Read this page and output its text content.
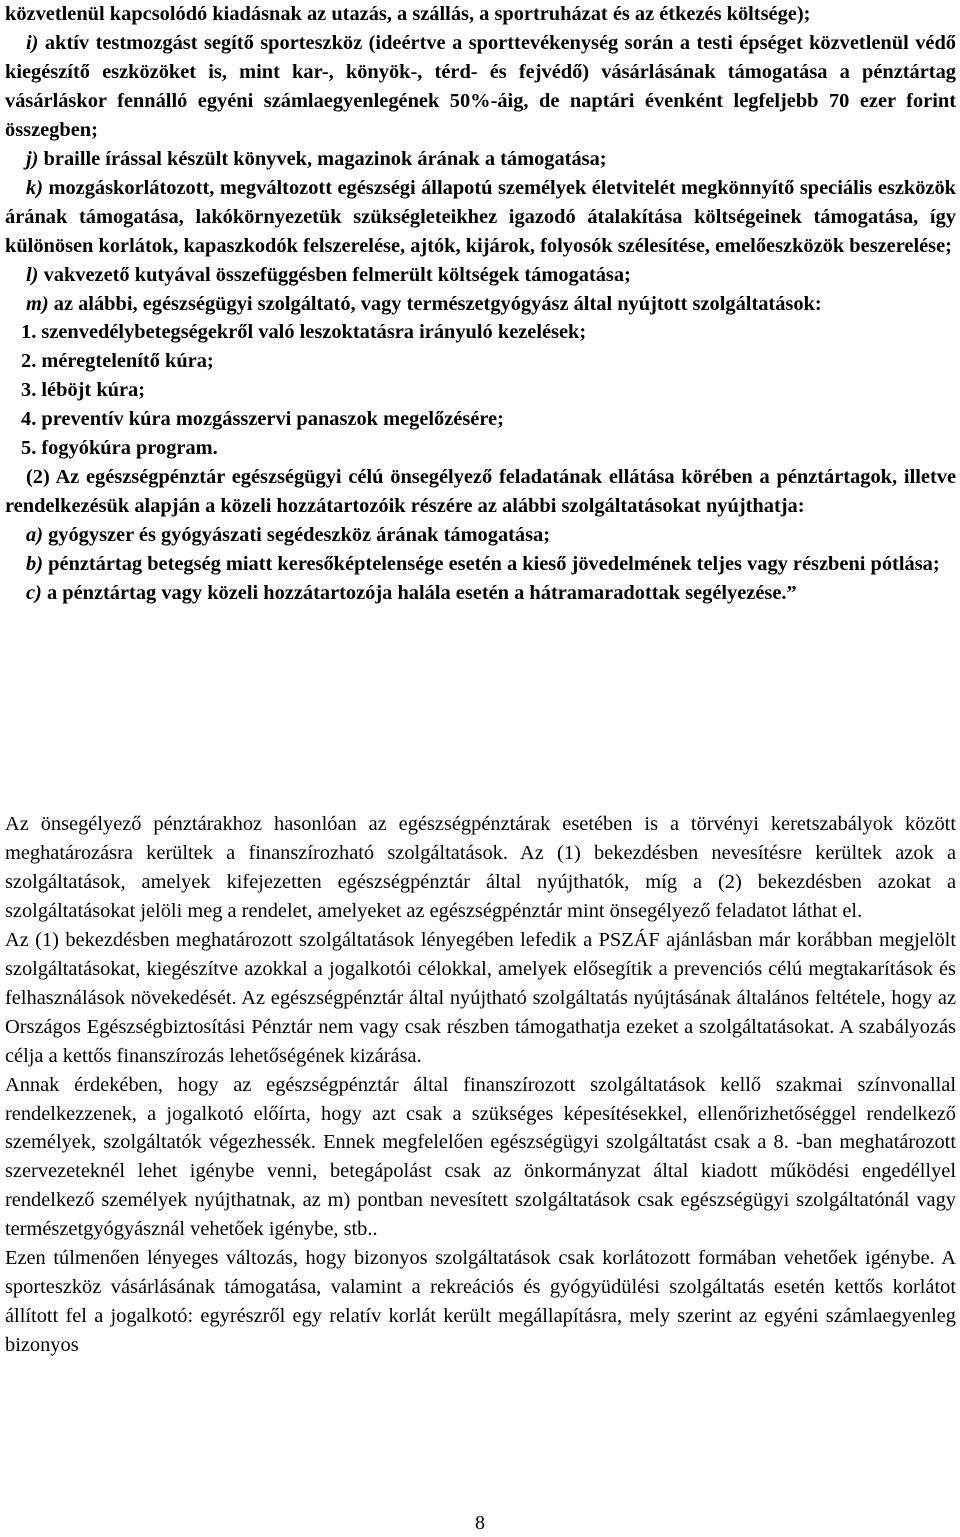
közvetlenül kapcsolódó kiadásnak az utazás, a szállás, a sportruházat és az étkezés költsége);

i) aktív testmozgást segítő sporteszköz (ideértve a sporttevékenység során a testi épséget közvetlenül védő kiegészítő eszközöket is, mint kar-, könyök-, térd- és fejvédő) vásárlásának támogatása a pénztártag vásárláskor fennálló egyéni számlaegyenlegének 50%-áig, de naptári évenként legfeljebb 70 ezer forint összegben;

j) braille írással készült könyvek, magazinok árának a támogatása;

k) mozgáskorlátozott, megváltozott egészségi állapotú személyek életvitelét megkönnyítő speciális eszközök árának támogatása, lakókörnyezetük szükségleteikhez igazodó átalakítása költségeinek támogatása, így különösen korlátok, kapaszkodók felszerelése, ajtók, kijárok, folyosók szélesítése, emelőeszközök beszerelése;

l) vakvezető kutyával összefüggésben felmerült költségek támogatása;

m) az alábbi, egészségügyi szolgáltató, vagy természetgyógyász által nyújtott szolgáltatások:

1. szenvedélybetegségekről való leszoktatásra irányuló kezelések;

2. méregtelenítő kúra;

3. léböjt kúra;

4. preventív kúra mozgásszervi panaszok megelőzésére;

5. fogyókúra program.

(2) Az egészségpénztár egészségügyi célú önsegélyező feladatának ellátása körében a pénztártagok, illetve rendelkezésük alapján a közeli hozzátartozóik részére az alábbi szolgáltatásokat nyújthatja:

a) gyógyszer és gyógyászati segédeszköz árának támogatása;

b) pénztártag betegség miatt keresőképtelensége esetén a kieső jövedelmének teljes vagy részbeni pótlása;

c) a pénztártag vagy közeli hozzátartozója halála esetén a hátramaradottak segélyezése.”

Az önsegélyező pénztárakhoz hasonlóan az egészségpénztárak esetében is a törvényi keretszabályok között meghatározásra kerültek a finanszírozható szolgáltatások. Az (1) bekezdésben nevesítésre kerültek azok a szolgáltatások, amelyek kifejezetten egészségpénztár által nyújthatók, míg a (2) bekezdésben azokat a szolgáltatásokat jelöli meg a rendelet, amelyeket az egészségpénztár mint önsegélyező feladatot láthat el.

Az (1) bekezdésben meghatározott szolgáltatások lényegében lefedik a PSZÁF ajánlásban már korábban megjelölt szolgáltatásokat, kiegészítve azokkal a jogalkotói célokkal, amelyek elősegítik a prevenciós célú megtakarítások és felhasználások növekedését. Az egészségpénztár által nyújtható szolgáltatás nyújtásának általános feltétele, hogy az Országos Egészségbiztosítási Pénztár nem vagy csak részben támogathatja ezeket a szolgáltatásokat. A szabályozás célja a kettős finanszírozás lehetőségének kizárása.

Annak érdekében, hogy az egészségpénztár által finanszírozott szolgáltatások kellő szakmai színvonallal rendelkezzenek, a jogalkotó előírta, hogy azt csak a szükséges képesítésekkel, ellenőrizhetőséggel rendelkező személyek, szolgáltatók végezhessék. Ennek megfelelően egészségügyi szolgáltatást csak a 8. -ban meghatározott szervezeteknél lehet igénybe venni, betegápolást csak az önkormányzat által kiadott működési engedéllyel rendelkező személyek nyújthatnak, az m) pontban nevesített szolgáltatások csak egészségügyi szolgáltatónál vagy természetgyógyásznál vehetőek igénybe, stb..

Ezen túlmenően lényeges változás, hogy bizonyos szolgáltatások csak korlátozott formában vehetőek igénybe. A sporteszköz vásárlásának támogatása, valamint a rekreációs és gyógyüdülési szolgáltatás esetén kettős korlátot állított fel a jogalkotó: egyrészről egy relatív korlát került megállapításra, mely szerint az egyéni számlaegyenleg bizonyos

8
